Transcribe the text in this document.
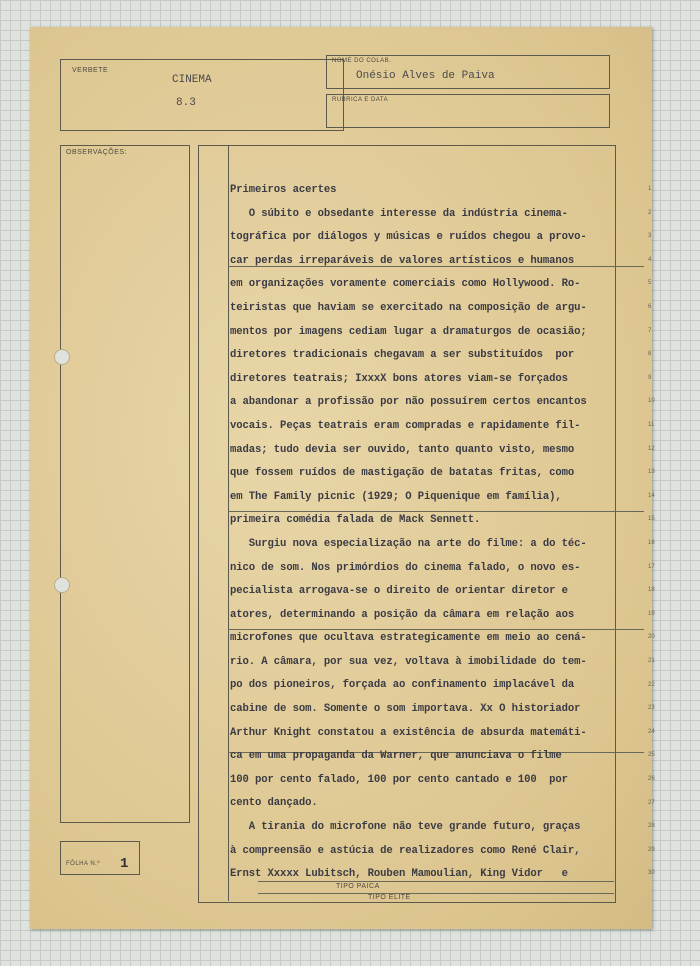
VERBETE
CINEMA
8.3
NOME DO COLAB.
Onésio Alves de Paiva
RUBRICA E DATA
OBSERVAÇÕES:
FÔLHA N.º 1
Primeiros acertes
O súbito e obsedante interesse da indústria cinema-
tográfica por diálogos y músicas e ruídos chegou a provo-
car perdas irreparáveis de valores artísticos e humanos
em organizações voramente comerciais como Hollywood. Ro-
teiristas que haviam se exercitado na composição de argu-
mentos por imagens cediam lugar a dramaturgos de ocasião;
diretores tradicionais chegavam a ser substituídos  por
diretores teatrais; IxxxX bons atores viam-se forçados
a abandonar a profissão por não possuírem certos encantos
vocais. Peças teatrais eram compradas e rapidamente fil-
madas; tudo devia ser ouvido, tanto quanto visto, mesmo
que fossem ruídos de mastigação de batatas fritas, como
em The Family picnic (1929; O Piquenique em família),
primeira comédia falada de Mack Sennett.
Surgiu nova especialização na arte do filme: a do téc-
nico de som. Nos primórdios do cinema falado, o novo es-
pecialista arrogava-se o direito de orientar diretor e
atores, determinando a posição da câmara em relação aos
microfones que ocultava estrategicamente em meio ao cená-
rio. A câmara, por sua vez, voltava à imobilidade do tem-
po dos pioneiros, forçada ao confinamento implacável da
cabine de som. Somente o som importava. Xx O historiador
Arthur Knight constatou a existência de absurda matemáti-
ca em uma propaganda da Warner, que anunciava o filme
100 por cento falado, 100 por cento cantado e 100  por
cento dançado.
A tirania do microfone não teve grande futuro, graças
à compreensão e astúcia de realizadores como René Clair,
Ernst Xxxxx Lubitsch, Rouben Mamoulian, King Vidor   e
1
2
3
4
5
6
7
8
9
10
11
12
13
14
15
16
17
18
19
20
21
22
23
24
25
26
27
28
29
30
TIPO PAICA
TIPO ELITE
